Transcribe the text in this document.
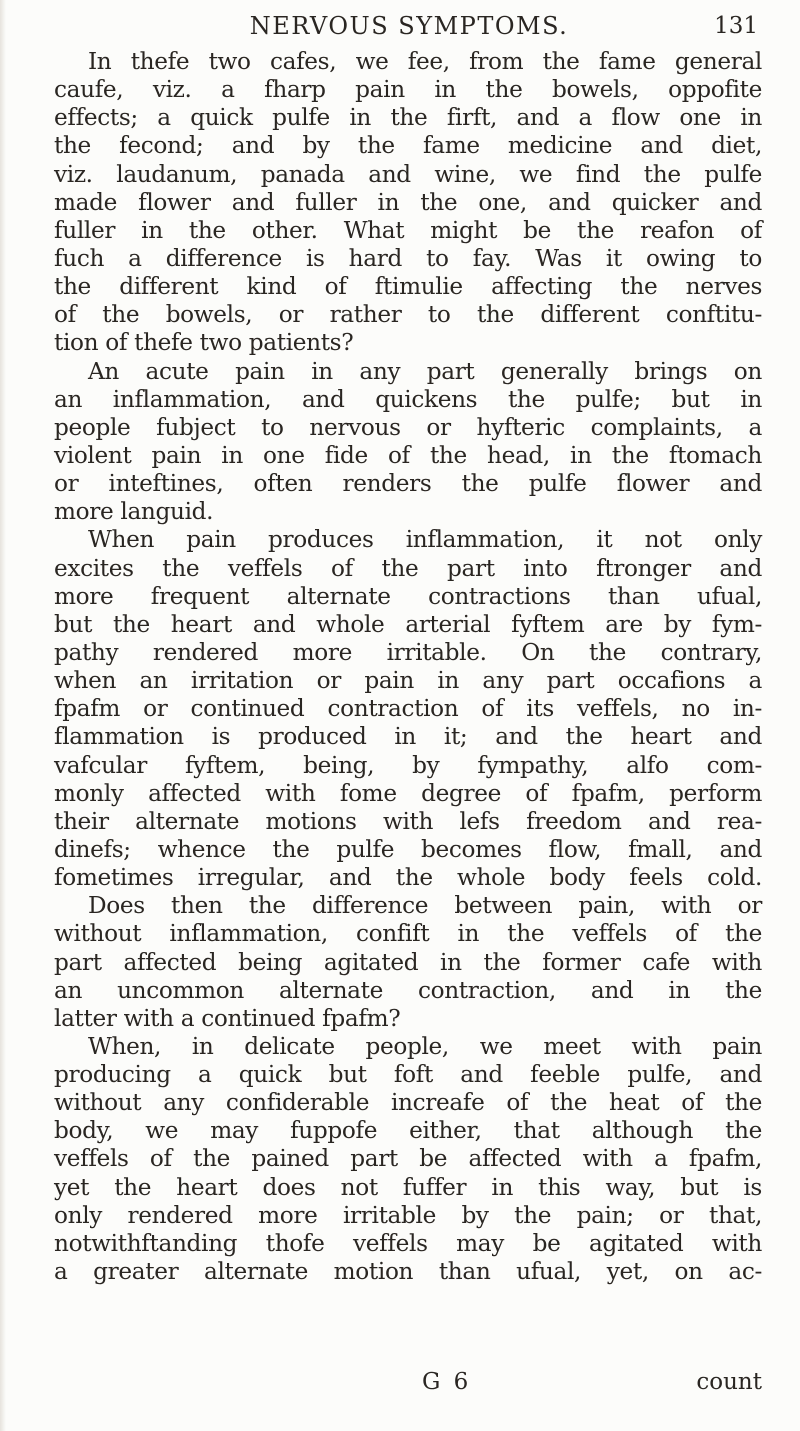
NERVOUS SYMPTOMS.	131
In thefe two cafes, we fee, from the fame general
caufe, viz. a fharp pain in the bowels, oppofite
effects; a quick pulfe in the firft, and a flow one in
the fecond; and by the fame medicine and diet,
viz. laudanum, panada and wine, we find the pulfe
made flower and fuller in the one, and quicker and
fuller in the other. What might be the reafon of
fuch a difference is hard to fay. Was it owing to
the different kind of ftimulie affecting the nerves
of the bowels, or rather to the different conftitu-
tion of thefe two patients?
An acute pain in any part generally brings on
an inflammation, and quickens the pulfe; but in
people fubject to nervous or hyfteric complaints, a
violent pain in one fide of the head, in the ftomach
or inteftines, often renders the pulfe flower and
more languid.
When pain produces inflammation, it not only
excites the veffels of the part into ftronger and
more frequent alternate contractions than ufual,
but the heart and whole arterial fyftem are by fym-
pathy rendered more irritable. On the contrary,
when an irritation or pain in any part occafions a
fpafm or continued contraction of its veffels, no in-
flammation is produced in it; and the heart and
vafcular fyftem, being, by fympathy, alfo com-
monly affected with fome degree of fpafm, perform
their alternate motions with lefs freedom and rea-
dinefs; whence the pulfe becomes flow, fmall, and
fometimes irregular, and the whole body feels cold.
Does then the difference between pain, with or
without inflammation, confift in the veffels of the
part affected being agitated in the former cafe with
an uncommon alternate contraction, and in the
latter with a continued fpafm?
When, in delicate people, we meet with pain
producing a quick but foft and feeble pulfe, and
without any confiderable increafe of the heat of the
body, we may fuppofe either, that although the
veffels of the pained part be affected with a fpafm,
yet the heart does not fuffer in this way, but is
only rendered more irritable by the pain; or that,
notwithftanding thofe veffels may be agitated with
a greater alternate motion than ufual, yet, on ac-
G 6	count
